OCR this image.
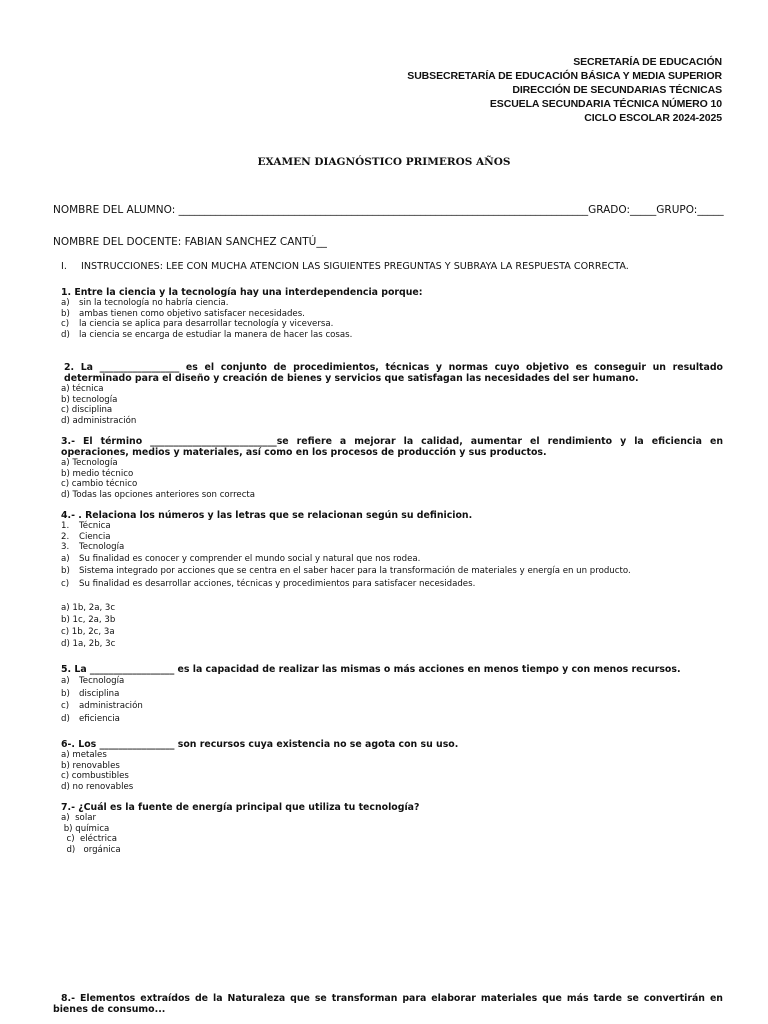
SECRETARÍA DE EDUCACIÓN
SUBSECRETARÍA DE EDUCACIÓN BÁSICA Y MEDIA SUPERIOR
DIRECCIÓN DE SECUNDARIAS TÉCNICAS
ESCUELA SECUNDARIA TÉCNICA NÚMERO 10
CICLO ESCOLAR 2024-2025
EXAMEN DIAGNÓSTICO PRIMEROS AÑOS
NOMBRE DEL ALUMNO: ______________________________________________________________________________GRADO:_____GRUPO:_____
NOMBRE DEL DOCENTE: FABIAN SANCHEZ CANTÚ__
I. INSTRUCCIONES: LEE CON MUCHA ATENCION LAS SIGUIENTES PREGUNTAS Y SUBRAYA LA RESPUESTA CORRECTA.
1. Entre la ciencia y la tecnología hay una interdependencia porque:
a) sin la tecnología no habría ciencia.
b) ambas tienen como objetivo satisfacer necesidades.
c) la ciencia se aplica para desarrollar tecnología y viceversa.
d) la ciencia se encarga de estudiar la manera de hacer las cosas.
2. La _________________ es el conjunto de procedimientos, técnicas y normas cuyo objetivo es conseguir un resultado determinado para el diseño y creación de bienes y servicios que satisfagan las necesidades del ser humano.
a) técnica
b) tecnología
c) disciplina
d) administración
3.- El término ___________________________se refiere a mejorar la calidad, aumentar el rendimiento y la eficiencia en operaciones, medios y materiales, así como en los procesos de producción y sus productos.
a) Tecnología
b) medio técnico
c) cambio técnico
d) Todas las opciones anteriores son correcta
4.- . Relaciona los números y las letras que se relacionan según su definicion.
1. Técnica
2. Ciencia
3. Tecnología
a) Su finalidad es conocer y comprender el mundo social y natural que nos rodea.
b) Sistema integrado por acciones que se centra en el saber hacer para la transformación de materiales y energía en un producto.
c) Su finalidad es desarrollar acciones, técnicas y procedimientos para satisfacer necesidades.
a) 1b, 2a, 3c
b) 1c, 2a, 3b
c) 1b, 2c, 3a
d) 1a, 2b, 3c
5. La __________________ es la capacidad de realizar las mismas o más acciones en menos tiempo y con menos recursos.
a) Tecnología
b) disciplina
c) administración
d) eficiencia
6-. Los ________________ son recursos cuya existencia no se agota con su uso.
a) metales
b) renovables
c) combustibles
d) no renovables
7.- ¿Cuál es la fuente de energía principal que utiliza tu tecnología?
a)  solar
b) química
c)  eléctrica
d)   orgánica
8.- Elementos extraídos de la Naturaleza que se transforman para elaborar materiales que más tarde se convertirán en bienes de consumo...
